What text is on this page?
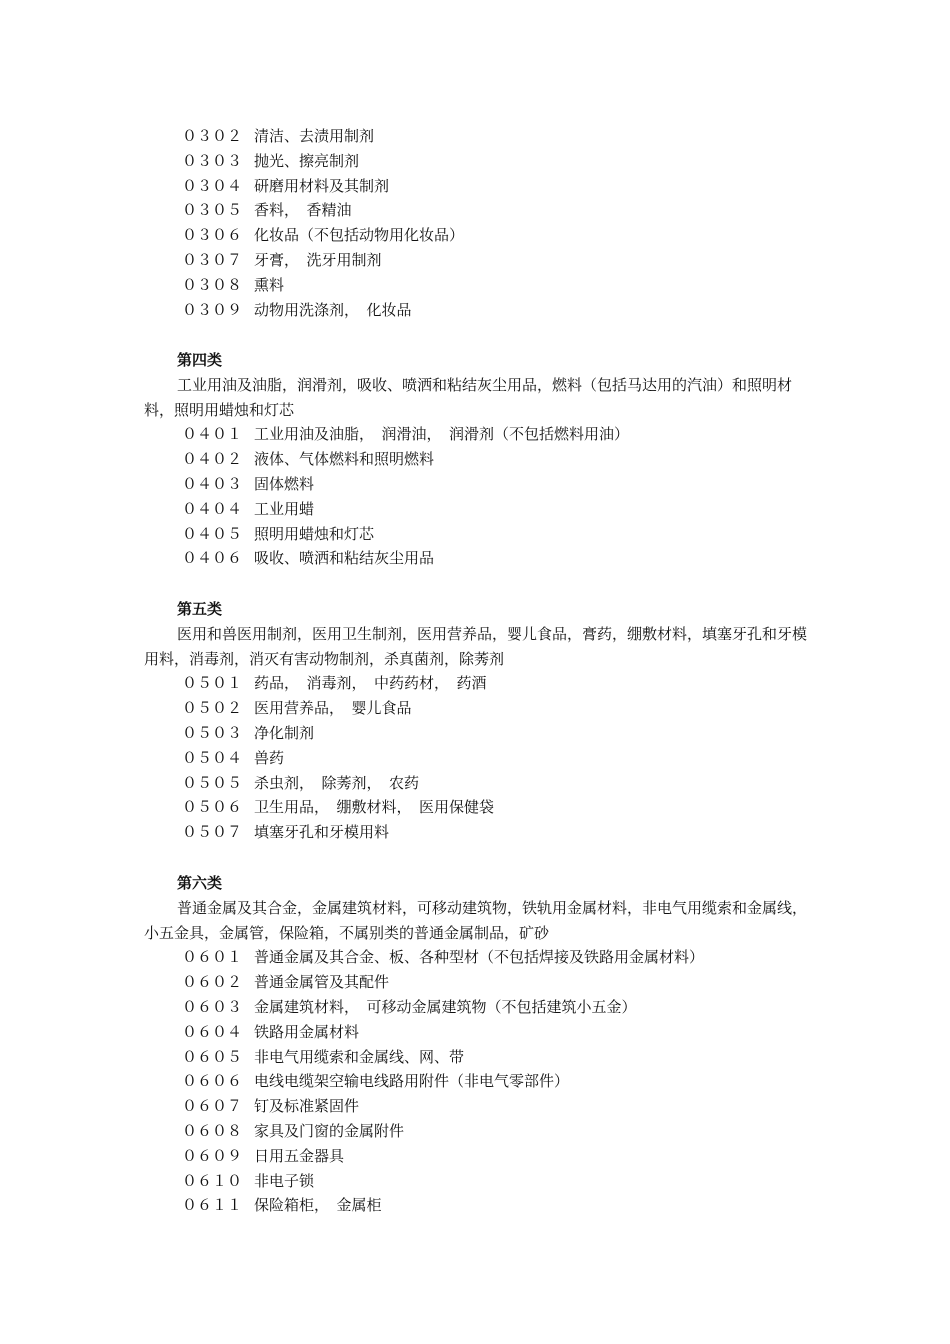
０３０２ 清洁、去渍用制剂
０３０３ 抛光、擦亮制剂
０３０４ 研磨用材料及其制剂
０３０５ 香料，　香精油
０３０６ 化妆品（不包括动物用化妆品）
０３０７ 牙膏，　洗牙用制剂
０３０８ 熏料
０３０９ 动物用洗涤剂，　化妆品
第四类
工业用油及油脂，润滑剂，吸收、喷洒和粘结灰尘用品，燃料（包括马达用的汽油）和照明材料，照明用蜡烛和灯芯
０４０１ 工业用油及油脂，　润滑油，　润滑剂（不包括燃料用油）
０４０２ 液体、气体燃料和照明燃料
０４０３ 固体燃料
０４０４ 工业用蜡
０４０５ 照明用蜡烛和灯芯
０４０６ 吸收、喷洒和粘结灰尘用品
第五类
医用和兽医用制剂，医用卫生制剂，医用营养品，婴儿食品，膏药，绷敷材料，填塞牙孔和牙模用料，消毒剂，消灭有害动物制剂，杀真菌剂，除莠剂
０５０１ 药品，　消毒剂，　中药药材，　药酒
０５０２ 医用营养品，　婴儿食品
０５０３ 净化制剂
０５０４ 兽药
０５０５ 杀虫剂，　除莠剂，　农药
０５０６ 卫生用品，　绷敷材料，　医用保健袋
０５０７ 填塞牙孔和牙模用料
第六类
普通金属及其合金，金属建筑材料，可移动建筑物，铁轨用金属材料，非电气用缆索和金属线，小五金具，金属管，保险箱，不属别类的普通金属制品，矿砂
０６０１ 普通金属及其合金、板、各种型材（不包括焊接及铁路用金属材料）
０６０２ 普通金属管及其配件
０６０３ 金属建筑材料，　可移动金属建筑物（不包括建筑小五金）
０６０４ 铁路用金属材料
０６０５ 非电气用缆索和金属线、网、带
０６０６ 电线电缆架空输电线路用附件（非电气零部件）
０６０７ 钉及标准紧固件
０６０８ 家具及门窗的金属附件
０６０９ 日用五金器具
０６１０ 非电子锁
０６１１ 保险箱柜，　金属柜
